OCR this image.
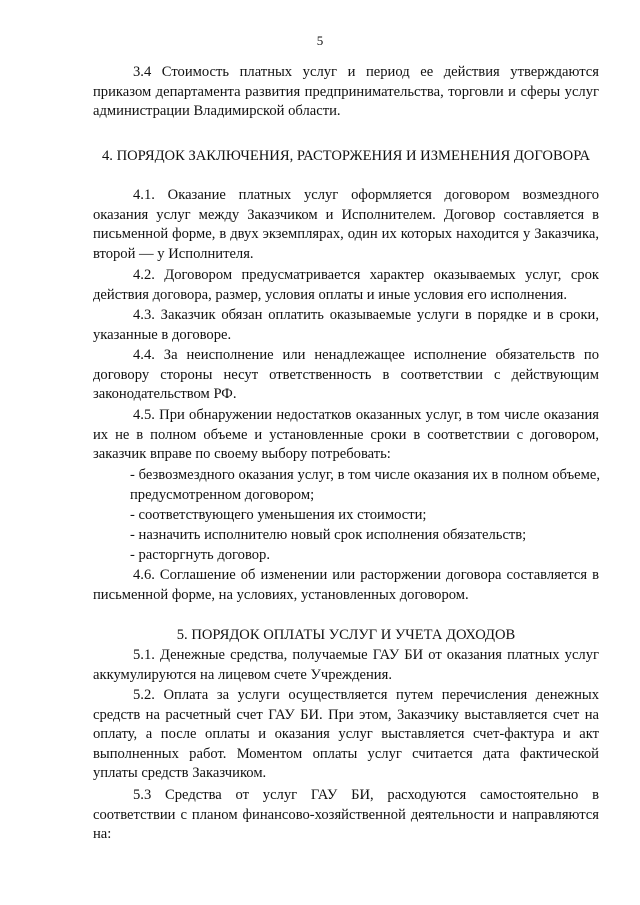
5
3.4 Стоимость платных услуг и период ее действия утверждаются приказом департамента развития предпринимательства, торговли и сферы услуг администрации Владимирской области.
4. ПОРЯДОК ЗАКЛЮЧЕНИЯ, РАСТОРЖЕНИЯ И ИЗМЕНЕНИЯ ДОГОВОРА
4.1. Оказание платных услуг оформляется договором возмездного оказания услуг между Заказчиком и Исполнителем. Договор составляется в письменной форме, в двух экземплярах, один их которых находится у Заказчика, второй — у Исполнителя.
4.2. Договором предусматривается характер оказываемых услуг, срок действия договора, размер, условия оплаты и иные условия его исполнения.
4.3. Заказчик обязан оплатить оказываемые услуги в порядке и в сроки, указанные в договоре.
4.4. За неисполнение или ненадлежащее исполнение обязательств по договору стороны несут ответственность в соответствии с действующим законодательством РФ.
4.5. При обнаружении недостатков оказанных услуг, в том числе оказания их не в полном объеме и установленные сроки в соответствии с договором, заказчик вправе по своему выбору потребовать:
- безвозмездного оказания услуг, в том числе оказания их в полном объеме, предусмотренном договором;
- соответствующего уменьшения их стоимости;
- назначить исполнителю новый срок исполнения обязательств;
- расторгнуть договор.
4.6. Соглашение об изменении или расторжении договора составляется в письменной форме, на условиях, установленных договором.
5. ПОРЯДОК ОПЛАТЫ УСЛУГ И УЧЕТА ДОХОДОВ
5.1. Денежные средства, получаемые ГАУ БИ от оказания платных услуг аккумулируются на лицевом счете Учреждения.
5.2. Оплата за услуги осуществляется путем перечисления денежных средств на расчетный счет ГАУ БИ. При этом, Заказчику выставляется счет на оплату, а после оплаты и оказания услуг выставляется счет-фактура и акт выполненных работ. Моментом оплаты услуг считается дата фактической уплаты средств Заказчиком.
5.3 Средства от услуг ГАУ БИ, расходуются самостоятельно в соответствии с планом финансово-хозяйственной деятельности и направляются на:
